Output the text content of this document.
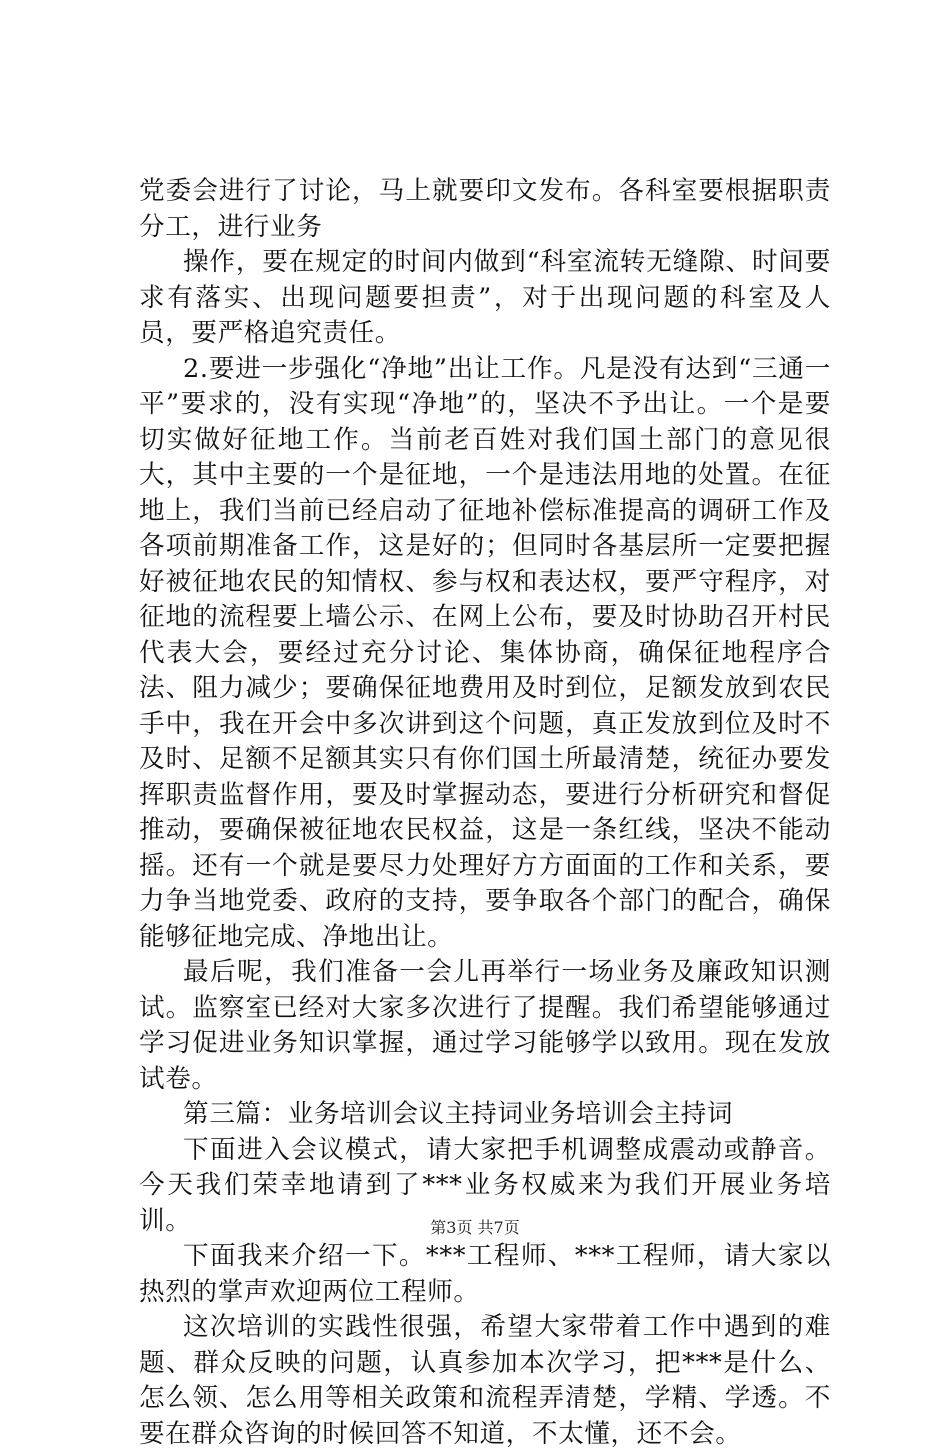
党委会进行了讨论，马上就要印文发布。各科室要根据职责分工，进行业务

操作，要在规定的时间内做到“科室流转无缝隙、时间要求有落实、出现问题要担责”，对于出现问题的科室及人员，要严格追究责任。

2.要进一步强化“净地”出让工作。凡是没有达到“三通一平”要求的，没有实现“净地”的，坚决不予出让。一个是要切实做好征地工作。当前老百姓对我们国土部门的意见很大，其中主要的一个是征地，一个是违法用地的处置。在征地上，我们当前已经启动了征地补偿标准提高的调研工作及各项前期准备工作，这是好的；但同时各基层所一定要把握好被征地农民的知情权、参与权和表达权，要严守程序，对征地的流程要上墙公示、在网上公布，要及时协助召开村民代表大会，要经过充分讨论、集体协商，确保征地程序合法、阻力减少；要确保征地费用及时到位，足额发放到农民手中，我在开会中多次讲到这个问题，真正发放到位及时不及时、足额不足额其实只有你们国土所最清楚，统征办要发挥职责监督作用，要及时掌握动态，要进行分析研究和督促推动，要确保被征地农民权益，这是一条红线，坚决不能动摇。还有一个就是要尽力处理好方方面面的工作和关系，要力争当地党委、政府的支持，要争取各个部门的配合，确保能够征地完成、净地出让。

最后呢，我们准备一会儿再举行一场业务及廉政知识测试。监察室已经对大家多次进行了提醒。我们希望能够通过学习促进业务知识掌握，通过学习能够学以致用。现在发放试卷。

第三篇：业务培训会议主持词业务培训会主持词

下面进入会议模式，请大家把手机调整成震动或静音。今天我们荣幸地请到了***业务权威来为我们开展业务培训。

下面我来介绍一下。***工程师、***工程师，请大家以热烈的掌声欢迎两位工程师。

这次培训的实践性很强，希望大家带着工作中遇到的难题、群众反映的问题，认真参加本次学习，把***是什么、怎么领、怎么用等相关政策和流程弄清楚，学精、学透。不要在群众咨询的时候回答不知道，不太懂，还不会。

第3页 共7页
